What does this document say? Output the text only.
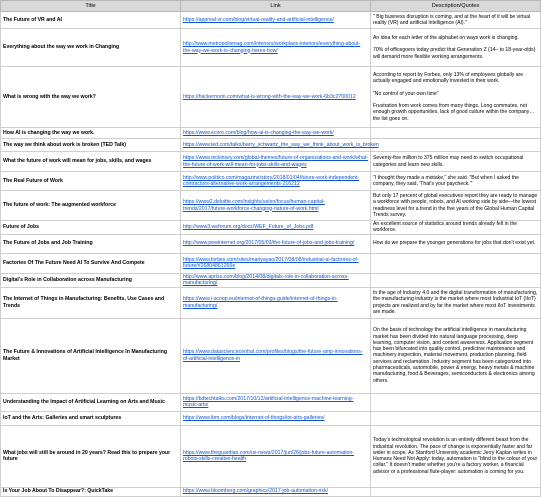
Title	Link	Description/Quotes
The Future of VR and AI	https://appreal-vr.com/blog/virtual-reality-and-artificial-intelligence/	" Big business disruption is coming, and at the heart of it will be virtual reality (VR) and artificial intelligence (AI)."

Everything about the way we work in Changing	http://www.metropolismag.com/interiors/workplace-interiors/everything-about-the-way-we-work-is-changing-heres-how/	An idea for each letter of the alphabet on ways work is changing.
70% of officegoers today predict that Generation Z (14– to 18-year-olds) will demand more flexible working arrangements.

What is wrong with the way we work?	https://hackernoon.com/what-is-wrong-with-the-way-we-work-6b3c2700012	According to report by Forbes, only 13% of employees globally are actually engaged and emotionally invested in their work.
"No control of your own time"
Frustration from work comes from many things. Long commutes, not enough growth opportunities, lack of good culture within the company… the list goes on.

How AI is changing the way we work.	https://www.ecoro.com/blog/how-ai-is-changing-the-way-we-work/	

The way we think about work is broken (TED Talk)	https://www.ted.com/talks/barry_schwartz_the_way_we_think_about_work_is_broken	

What the future of work will mean for jobs, skills, and wages	https://www.mckinsey.com/global-themes/future-of-organizations-and-work/what-the-future-of-work-will-mean-for-jobs-skills-and-wages	Seventy-five million to 375 million may need to switch occupational categories and learn new skills.

The Real Future of Work	http://www.politico.com/magazine/story/2018/01/04/future-work-independent-contractors-alternative-work-arrangements-216212	"I thought they made a mistake," she said. "But when I asked the company, they said, 'That's your paycheck.'"

The future of work: The augmented workforce	https://www2.deloitte.com/insights/us/en/focus/human-capital-trends/2017/future-workforce-changing-nature-of-work.html	But only 17 percent of global executives report they are ready to manage a workforce with people, robots, and AI working side by side—the lowest readiness level for a trend in the five years of the Global Human Capital Trends survey.

Future of Jobs	http://www3.weforum.org/docs/WEF_Future_of_Jobs.pdf	An excellent source of statistics around trends already felt in the workforce.

The Future of Jobs and Job Training	http://www.pewinternet.org/2017/05/03/the-future-of-jobs-and-jobs-training/	How do we prepare the younger generations for jobs that don't exist yet.

Factories Of The Future Need AI To Survive And Compete	https://www.forbes.com/sites/mariyayao/2017/08/08/industrial-ai-factories-of-future/#26804861266e	

Digital's Role in Collaboration across Manufacturing	http://www.apriso.com/blog/2014/08/digitals-role-in-collaboration-across-manufacturing/	

The Internet of Things in Manufacturing: Benefits, Use Cases and Trends	https://www.i-scoop.eu/internet-of-things-guide/internet-of-things-in-manufacturing/	In the age of Industry 4.0 and the digital transformation of manufacturing, the manufacturing industry is the market where most Industrial IoT (IIoT) projects are realized and by far the market where most IIoT investments are made.

The Future & Innovations of Artificial Intelligence In Manufacturing Market	https://www.datasciencecentral.com/profiles/blogs/the-future-amp-innovations-of-artificial-intelligence-in	On the basis of technology the artificial intelligence in manufacturing market has been divided into natural language processing, deep learning, computer vision, and context awareness. Application segment has been bifurcated into quality control, predictive maintenance and machinery inspection, material movement, production planning, field services and reclamation. Industry segment has been categorized into pharmaceuticals, automobile, power & energy, heavy metals & machine manufacturing, food & Beverages, semiconductors & electronics among others.

Understanding the Impact of Artificial Learning on Arts and Music	https://bdtechtalks.com/2017/10/12/artificial-intelligence-machine-learning-music-arts/	

IoT and the Arts: Galleries and smart sculptures	https://www.ibm.com/blogs/internet-of-things/iot-arts-galleries/	

What jobs will still be around in 20 years? Read this to prepare your future	https://www.theguardian.com/us-news/2017/jun/26/jobs-future-automation-robots-skills-creative-health	Today's technological revolution is an entirely different beast from the industrial revolution. The pace of change is exponentially faster and far wider in scope. As Stanford University academic Jerry Kaplan writes in Humans Need Not Apply: today, automation is "blind to the colour of your collar." It doesn't matter whether you're a factory worker, a financial advisor or a professional flute-player: automation is coming for you.

Is Your Job About To Disappear?: QuickTake	https://www.bloomberg.com/graphics/2017-job-automation-risk/	
